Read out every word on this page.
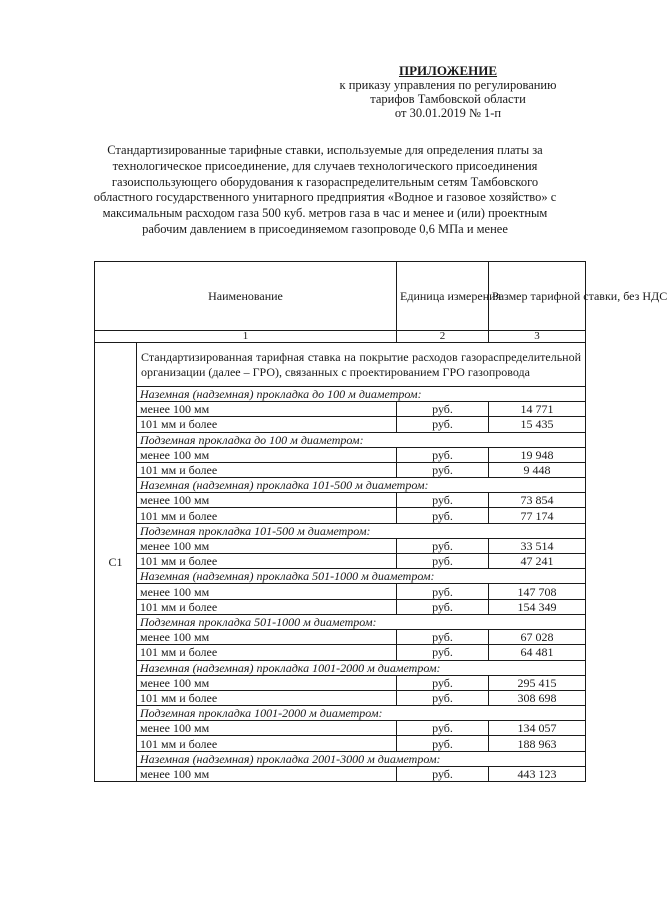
ПРИЛОЖЕНИЕ
к приказу управления по регулированию
тарифов Тамбовской области
от 30.01.2019 № 1-п
Стандартизированные тарифные ставки, используемые для определения платы за технологическое присоединение, для случаев технологического присоединения газоиспользующего оборудования к газораспределительным сетям Тамбовского областного государственного унитарного предприятия «Водное и газовое хозяйство» с максимальным расходом газа 500 куб. метров газа в час и менее и (или) проектным рабочим давлением в присоединяемом газопроводе 0,6 МПа и менее
Наименование		Единица измерения	Размер тарифной ставки, без НДС
1		2	3
С1	Стандартизированная тарифная ставка на покрытие расходов газораспределительной организации (далее – ГРО), связанных с проектированием ГРО газопровода		
	Наземная (надземная) прокладка до 100 м диаметром:		
	менее 100 мм	руб.	14 771
	101 мм и более	руб.	15 435
	Подземная прокладка до 100 м диаметром:		
	менее 100 мм	руб.	19 948
	101 мм и более	руб.	9 448
	Наземная (надземная) прокладка 101-500 м диаметром:		
	менее 100 мм	руб.	73 854
	101 мм и более	руб.	77 174
	Подземная прокладка 101-500 м диаметром:		
	менее 100 мм	руб.	33 514
	101 мм и более	руб.	47 241
	Наземная (надземная) прокладка 501-1000 м диаметром:		
	менее 100 мм	руб.	147 708
	101 мм и более	руб.	154 349
	Подземная прокладка 501-1000 м диаметром:		
	менее 100 мм	руб.	67 028
	101 мм и более	руб.	64 481
	Наземная (надземная) прокладка 1001-2000 м диаметром:		
	менее 100 мм	руб.	295 415
	101 мм и более	руб.	308 698
	Подземная прокладка 1001-2000 м диаметром:		
	менее 100 мм	руб.	134 057
	101 мм и более	руб.	188 963
	Наземная (надземная) прокладка 2001-3000 м диаметром:		
	менее 100 мм	руб.	443 123
